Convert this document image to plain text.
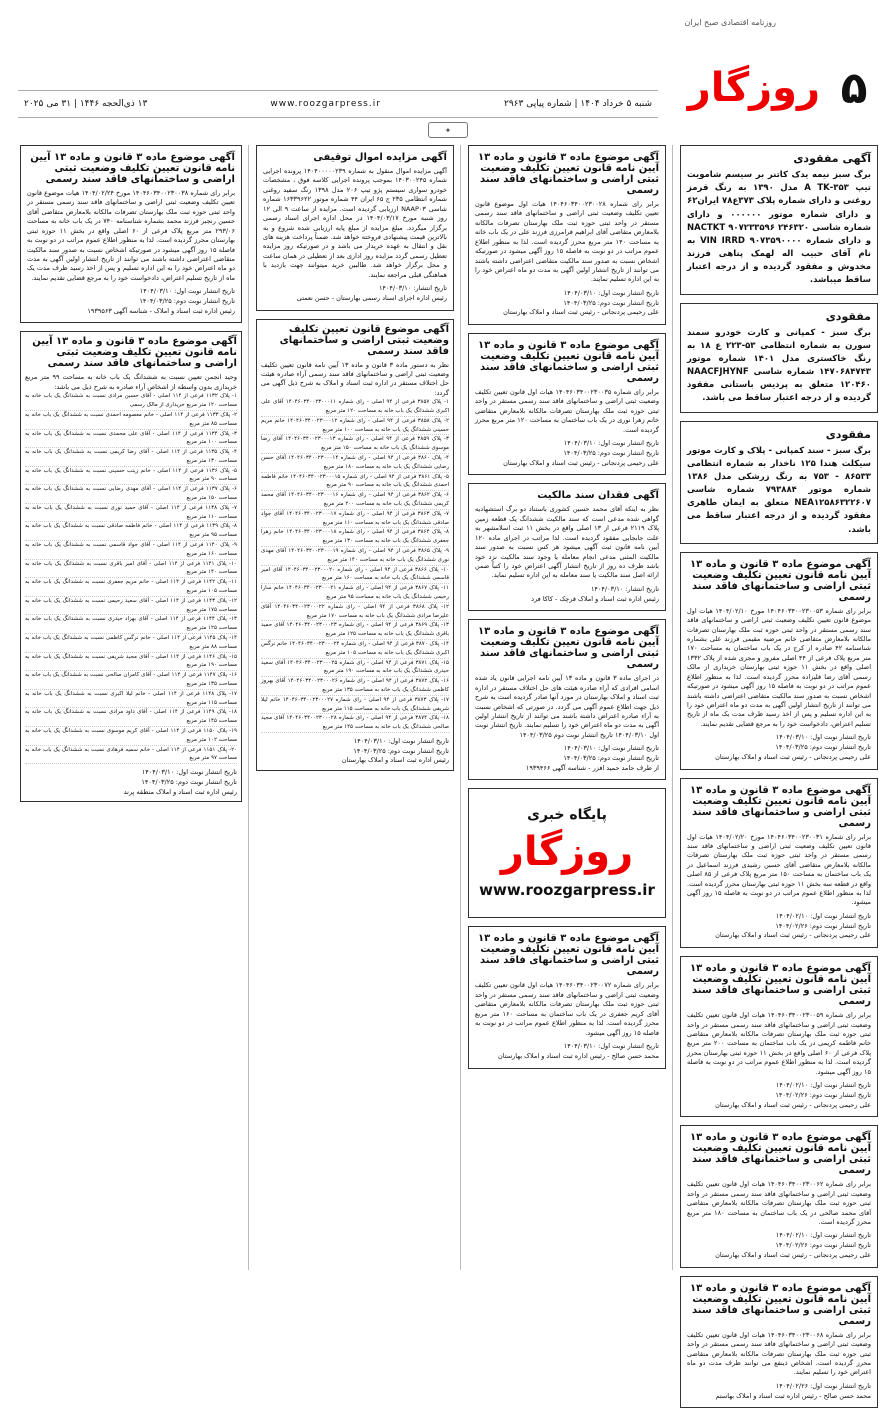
روزنامه اقتصادی صبح ایران
۵
روزگار
شنبه ۵ خرداد ۱۴۰۴ | شماره پیاپی ۲۹۶۳
www.roozgarpress.ir
۱۳ ذی‌الحجه ۱۴۴۶ | ۳۱ می ۲۰۲۵
✦
آگهی مفقودی

برگ سبز نیمه یدک کاتنر بر سیسم شامویت تیپ ۳۵۳-A TK مدل ۱۳۹۰ به رنگ قرمز روغنی و دارای شماره پلاک ۳۷۳ع۷۸ ایران۶۲ و دارای شماره موتور ۰۰۰۰۰۰ و دارای شماره شاسی NACTKT ۹۰۷۲۳۳۵۹۶ ۲۴۶۳۲۰ و دارای شماره VIN IRRD ۹۰۷۳۵۹۰۰۰۰ به نام آقای حبیب اله لهمک پناهی فرزند مخدوش و مفقود گردیده و از درجه اعتبار ساقط میباشد.

مفقودی

برگ سبز - کمپانی و کارت خودرو سمند سورن به شماره انتظامی ۵۳-۲۲۳ ع ۱۸ به رنگ خاکستری مدل ۱۴۰۱ شماره موتور ۱۴۷۰۶۸۴۷۴۳ شماره شاسی NAACFJHYNF ۱۲۰۴۶۰ متعلق به پردیس باستانی مفقود گردیده و از درجه اعتبار ساقط می باشد.

مفقودی

برگ سبز - سند کمپانی - پلاک و کارت موتور سیکلت هندا ۱۲۵ ناخدار به شماره انتظامی ۸۶۵۳۳ - ۷۵۳ به رنگ زرشکی مدل ۱۳۸۶ شماره موتور ۷۹۳۸۸۴ شماره شاسی NEA۱۲۵۸۶۳۲۲۶۰۷ متعلق به ایمان طاهری مفقود گردیده و از درجه اعتبار ساقط می باشد.

آگهی موضوع ماده ۳ قانون و ماده ۱۳ آیین نامه قانون تعیین تکلیف وضعیت ثبتی اراضی و ساختمانهای فاقد سند رسمی

برابر رای شماره ۱۴۰۴۶۰۳۴۰۰۲۳۰۰۵۳ مورخ ۱۴۰۴/۰۲/۱۰ هیات اول موضوع قانون تعیین تکلیف وضعیت ثبتی اراضی و ساختمانهای فاقد سند رسمی مستقر در واحد ثبتی حوزه ثبت ملک بهارستان تصرفات مالکانه بلامعارض متقاضی خانم مرضیه مقیمی فرزند علی بشماره شناسنامه ۴۲ صادره از کرج در یک باب ساختمان به مساحت ۱۷۰ متر مربع پلاک فرعی از ۴۴ اصلی مفروز و مجزی شده از پلاک ۱۳۳۲ اصلی واقع در بخش ۱۱ حوزه ثبتی بهارستان خریداری از مالک رسمی آقای رضا قلیزاده محرز گردیده است. لذا به منظور اطلاع عموم مراتب در دو نوبت به فاصله ۱۵ روز آگهی میشود در صورتیکه اشخاص نسبت به صدور سند مالکیت متقاضی اعتراضی داشته باشند می توانند از تاریخ انتشار اولین آگهی به مدت دو ماه اعتراض خود را به این اداره تسلیم و پس از اخذ رسید ظرف مدت یک ماه از تاریخ تسلیم اعتراض، دادخواست خود را به مرجع قضایی تقدیم نمایند.

تاریخ انتشار نوبت اول: ۱۴۰۴/۰۳/۱۰
تاریخ انتشار نوبت دوم: ۱۴۰۴/۰۳/۲۵
علی رحیمی پردنجانی - رئیس ثبت اسناد و املاک بهارستان
آگهی موضوع ماده ۳ قانون و ماده ۱۳ آیین نامه قانون تعیین تکلیف وضعیت ثبتی اراضی و ساختمانهای فاقد سند رسمی

برابر رای شماره ۱۴۰۴۶۰۳۴۰۰۲۳۰۰۳۱ مورخ ۱۴۰۴/۰۲/۲۰ هیات اول قانون تعیین تکلیف وضعیت ثبتی اراضی و ساختمانهای فاقد سند رسمی مستقر در واحد ثبتی حوزه ثبت ملک بهارستان تصرفات مالکانه بلامعارض متقاضی آقای حسین رشیدی فرزند اسماعیل در یک باب ساختمان به مساحت ۱۵۰ متر مربع پلاک فرعی از ۸۵ اصلی واقع در قطعه سه بخش ۱۱ حوزه ثبتی بهارستان محرز گردیده است. لذا به منظور اطلاع عموم مراتب در دو نوبت به فاصله ۱۵ روز آگهی میشود.

تاریخ انتشار نوبت اول: ۱۴۰۴/۰۲/۱۰
تاریخ انتشار نوبت دوم: ۱۴۰۴/۰۲/۲۶
علی رحیمی پردنجانی - رئیس ثبت اسناد و املاک بهارستان
آگهی موضوع ماده ۳ قانون و ماده ۱۳ آیین نامه قانون تعیین تکلیف وضعیت ثبتی اراضی و ساختمانهای فاقد سند رسمی

برابر رای شماره ۱۴۰۴۶۰۳۴۰۰۲۳۰۰۵۹ هیات اول قانون تعیین تکلیف وضعیت ثبتی اراضی و ساختمانهای فاقد سند رسمی مستقر در واحد ثبتی حوزه ثبت ملک بهارستان تصرفات مالکانه بلامعارض متقاضی خانم فاطمه کریمی در یک باب ساختمان به مساحت ۲۰۰ متر مربع پلاک فرعی از ۶۰ اصلی واقع در بخش ۱۱ حوزه ثبتی بهارستان محرز گردیده است. لذا به منظور اطلاع عموم مراتب در دو نوبت به فاصله ۱۵ روز آگهی میشود.

تاریخ انتشار نوبت اول: ۱۴۰۴/۰۲/۱۰
تاریخ انتشار نوبت دوم: ۱۴۰۴/۰۲/۲۶
علی رحیمی پردنجانی - رئیس ثبت اسناد و املاک بهارستان
آگهی موضوع ماده ۳ قانون و ماده ۱۳ آیین نامه قانون تعیین تکلیف وضعیت ثبتی اراضی و ساختمانهای فاقد سند رسمی

برابر رای شماره ۱۴۰۴۶۰۳۴۰۰۲۳۰۰۶۲ هیات اول قانون تعیین تکلیف وضعیت ثبتی اراضی و ساختمانهای فاقد سند رسمی مستقر در واحد ثبتی حوزه ثبت ملک بهارستان تصرفات مالکانه بلامعارض متقاضی آقای محمد صالحی در یک باب ساختمان به مساحت ۱۸۰ متر مربع محرز گردیده است.

تاریخ انتشار نوبت اول: ۱۴۰۴/۰۲/۱۰
تاریخ انتشار نوبت دوم: ۱۴۰۴/۰۲/۲۶
علی رحیمی پردنجانی - رئیس ثبت اسناد و املاک بهارستان
آگهی موضوع ماده ۳ قانون و ماده ۱۳ آیین نامه قانون تعیین تکلیف وضعیت ثبتی اراضی و ساختمانهای فاقد سند رسمی

برابر رای شماره ۱۴۰۴۶۰۳۴۰۰۲۳۰۰۶۸ هیات اول قانون تعیین تکلیف وضعیت ثبتی اراضی و ساختمانهای فاقد سند رسمی مستقر در واحد ثبتی حوزه ثبت ملک بهارستان تصرفات مالکانه بلامعارض متقاضی محرز گردیده است. اشخاص ذینفع می توانند ظرف مدت دو ماه اعتراض خود را تسلیم نمایند.

تاریخ انتشار نوبت اول: ۱۴۰۴/۰۲/۲۶
محمد حسن صالح - رئیس اداره ثبت اسناد و املاک بهاستم
آگهی موضوع ماده ۳ قانون و ماده ۱۳ آیین نامه قانون تعیین تکلیف وضعیت ثبتی اراضی و ساختمانهای فاقد سند رسمی

برابر رای شماره ۱۴۰۴۶۰۳۴۰۰۲۳۰۰۲۸ هیات اول موضوع قانون تعیین تکلیف وضعیت ثبتی اراضی و ساختمانهای فاقد سند رسمی مستقر در واحد ثبتی حوزه ثبت ملک بهارستان تصرفات مالکانه بلامعارض متقاضی آقای ابراهیم فرامرزی فرزند علی در یک باب خانه به مساحت ۱۴۰ متر مربع محرز گردیده است. لذا به منظور اطلاع عموم مراتب در دو نوبت به فاصله ۱۵ روز آگهی میشود در صورتیکه اشخاص نسبت به صدور سند مالکیت متقاضی اعتراضی داشته باشند می توانند از تاریخ انتشار اولین آگهی به مدت دو ماه اعتراض خود را به این اداره تسلیم نمایند.

تاریخ انتشار نوبت اول: ۱۴۰۴/۰۳/۱۰
تاریخ انتشار نوبت دوم: ۱۴۰۴/۰۳/۲۵
علی رحیمی پردنجانی - رئیس ثبت اسناد و املاک بهارستان
آگهی موضوع ماده ۳ قانون و ماده ۱۳ آیین نامه قانون تعیین تکلیف وضعیت ثبتی اراضی و ساختمانهای فاقد سند رسمی

برابر رای شماره ۱۴۰۴۶۰۳۴۰۰۲۳۰۰۳۵ هیات اول قانون تعیین تکلیف وضعیت ثبتی اراضی و ساختمانهای فاقد سند رسمی مستقر در واحد ثبتی حوزه ثبت ملک بهارستان تصرفات مالکانه بلامعارض متقاضی خانم زهرا نوری در یک باب ساختمان به مساحت ۱۲۰ متر مربع محرز گردیده است.

تاریخ انتشار نوبت اول: ۱۴۰۴/۰۳/۱۰
تاریخ انتشار نوبت دوم: ۱۴۰۴/۰۳/۲۵
علی رحیمی پردنجانی - رئیس ثبت اسناد و املاک بهارستان
آگهی فقدان سند مالکیت

نظر به اینکه آقای محمد حسین کشوری باستناد دو برگ استشهادیه گواهی شده مدعی است که سند مالکیت ششدانگ یک قطعه زمین پلاک ۲۱۱۹ فرعی از ۱۳ اصلی واقع در بخش ۱۱ ثبت اسلامشهر به علت جابجایی مفقود گردیده است. لذا مراتب در اجرای ماده ۱۲۰ آیین نامه قانون ثبت آگهی میشود هر کس نسبت به صدور سند مالکیت المثنی مدعی انجام معامله یا وجود سند مالکیت نزد خود باشد ظرف ده روز از تاریخ انتشار آگهی اعتراض خود را کتباً ضمن ارائه اصل سند مالکیت یا سند معامله به این اداره تسلیم نماید.

تاریخ انتشار: ۱۴۰۴/۰۳/۱۰
رئیس اداره ثبت اسناد و املاک قرچک - کاکا فرد
آگهی موضوع ماده ۳ قانون و ماده ۱۳ آیین نامه قانون تعیین تکلیف وضعیت ثبتی اراضی و ساختمانهای فاقد سند رسمی

در اجرای ماده ۳ قانون و ماده ۱۳ آیین نامه اجرایی قانون یاد شده اسامی افرادی که آراء صادره هیئت های حل اختلاف مستقر در اداره ثبت اسناد و املاک بهارستان در مورد آنها صادر گردیده است به شرح ذیل جهت اطلاع عموم آگهی می گردد. در صورتی که اشخاص نسبت به آراء صادره اعتراض داشته باشند می توانند از تاریخ انتشار اولین آگهی به مدت دو ماه اعتراض خود را تسلیم نمایند. تاریخ انتشار نوبت اول ۱۴۰۴/۰۳/۱۰ تاریخ انتشار نوبت دوم ۱۴۰۴/۰۳/۲۵

تاریخ انتشار نوبت اول: ۱۴۰۴/۰۳/۱۰
تاریخ انتشار نوبت دوم: ۱۴۰۴/۰۳/۲۵
از طرف حامد حمید افزر - شناسه آگهی ۱۹۳۹۴۶۶
پایگاه خبری
روزگار
www.roozgarpress.ir
آگهی موضوع ماده ۳ قانون و ماده ۱۳ آیین نامه قانون تعیین تکلیف وضعیت ثبتی اراضی و ساختمانهای فاقد سند رسمی

برابر رای شماره ۱۴۰۴۶۰۳۴۰۰۲۳۰۰۷۲ هیات اول قانون تعیین تکلیف وضعیت ثبتی اراضی و ساختمانهای فاقد سند رسمی مستقر در واحد ثبتی حوزه ثبت ملک بهارستان تصرفات مالکانه بلامعارض متقاضی آقای کریم جعفری در یک باب ساختمان به مساحت ۱۶۰ متر مربع محرز گردیده است. لذا به منظور اطلاع عموم مراتب در دو نوبت به فاصله ۱۵ روز آگهی میشود.

تاریخ انتشار نوبت اول: ۱۴۰۴/۰۳/۱۰
محمد حسن صالح - رئیس اداره ثبت اسناد و املاک بهارستان
آگهی مزایده اموال توقیفی

آگهی مزایده اموال منقول به شماره ۱۴۰۴۰۰۰۰۰۲۳۹ پرونده اجرایی شماره ۱۴۰۳۰۰۲۴۵ بموجب پرونده اجرایی کلاسه فوق ، مشخصات خودرو سواری سیستم پژو تیپ ۲۰۶ مدل ۱۳۹۸ رنگ سفید روغنی شماره انتظامی ۲۳۵ ج ۶۵ ایران ۴۴ شماره موتور ۱۶۳۳۹۶۲۲ شماره شاسی NAAP۰۳ ارزیابی گردیده است. مزایده از ساعت ۹ الی ۱۲ روز شنبه مورخ ۱۴۰۴/۰۳/۱۷ در محل اداره اجرای اسناد رسمی برگزار میگردد. مبلغ مزایده از مبلغ پایه ارزیابی شده شروع و به بالاترین قیمت پیشنهادی فروخته خواهد شد. ضمناً پرداخت هزینه های نقل و انتقال به عهده خریدار می باشد و در صورتیکه روز مزایده تعطیل رسمی گردد مزایده روز اداری بعد از تعطیلی در همان ساعت و محل برگزار خواهد شد. طالبین خرید میتوانند جهت بازدید با هماهنگی قبلی مراجعه نمایند.

تاریخ انتشار: ۱۴۰۴/۰۳/۱۰
رئیس اداره اجرای اسناد رسمی بهارستان - حسن نعمتی
آگهی موضوع قانون تعیین تکلیف وضعیت ثبتی اراضی و ساختمانهای فاقد سند رسمی

نظر به دستور ماده ۳ قانون و ماده ۱۳ آیین نامه قانون تعیین تکلیف وضعیت ثبتی اراضی و ساختمانهای فاقد سند رسمی آراء صادره هیئت حل اختلاف مستقر در اداره ثبت اسناد و املاک به شرح ذیل آگهی می گردد:

۱- پلاک ۳۸۵۷ فرعی از ۹۴ اصلی - رای شماره ۱۴۰۴۶۰۳۴۰۰۲۳۰۰۰۱۱ آقای علی اکبری ششدانگ یک باب خانه به مساحت ۱۲۰ متر مربع
۲- پلاک ۳۸۵۸ فرعی از ۹۴ اصلی - رای شماره ۱۴۰۴۶۰۳۴۰۰۲۳۰۰۰۱۲ خانم مریم حسینی ششدانگ یک باب خانه به مساحت ۱۰۰ متر مربع
۳- پلاک ۳۸۵۹ فرعی از ۹۴ اصلی - رای شماره ۱۴۰۴۶۰۳۴۰۰۲۳۰۰۰۱۳ آقای رضا موسوی ششدانگ یک باب خانه به مساحت ۱۵۰ متر مربع
۴- پلاک ۳۸۶۰ فرعی از ۹۴ اصلی - رای شماره ۱۴۰۴۶۰۳۴۰۰۲۳۰۰۰۱۴ آقای حسن رضایی ششدانگ یک باب خانه به مساحت ۱۸۰ متر مربع
۵- پلاک ۳۸۶۱ فرعی از ۹۴ اصلی - رای شماره ۱۴۰۴۶۰۳۴۰۰۲۳۰۰۰۱۵ خانم فاطمه احمدی ششدانگ یک باب خانه به مساحت ۹۰ متر مربع
۶- پلاک ۳۸۶۲ فرعی از ۹۴ اصلی - رای شماره ۱۴۰۴۶۰۳۴۰۰۲۳۰۰۰۱۶ آقای محمد کریمی ششدانگ یک باب خانه به مساحت ۲۰۰ متر مربع
۷- پلاک ۳۸۶۳ فرعی از ۹۴ اصلی - رای شماره ۱۴۰۴۶۰۳۴۰۰۲۳۰۰۰۱۷ آقای جواد صادقی ششدانگ یک باب خانه به مساحت ۱۱۰ متر مربع
۸- پلاک ۳۸۶۴ فرعی از ۹۴ اصلی - رای شماره ۱۴۰۴۶۰۳۴۰۰۲۳۰۰۰۱۸ خانم زهرا جعفری ششدانگ یک باب خانه به مساحت ۱۳۰ متر مربع
۹- پلاک ۳۸۶۵ فرعی از ۹۴ اصلی - رای شماره ۱۴۰۴۶۰۳۴۰۰۲۳۰۰۰۱۹ آقای مهدی نوری ششدانگ یک باب خانه به مساحت ۱۴۰ متر مربع
۱۰- پلاک ۳۸۶۶ فرعی از ۹۴ اصلی - رای شماره ۱۴۰۴۶۰۳۴۰۰۲۳۰۰۰۲۰ آقای امیر قاسمی ششدانگ یک باب خانه به مساحت ۱۶۰ متر مربع
۱۱- پلاک ۳۸۶۷ فرعی از ۹۴ اصلی - رای شماره ۱۴۰۴۶۰۳۴۰۰۲۳۰۰۰۲۱ خانم سارا رحیمی ششدانگ یک باب خانه به مساحت ۹۵ متر مربع
۱۲- پلاک ۳۸۶۸ فرعی از ۹۴ اصلی - رای شماره ۱۴۰۴۶۰۳۴۰۰۲۳۰۰۰۲۲ آقای علیرضا مرادی ششدانگ یک باب خانه به مساحت ۱۷۰ متر مربع
۱۳- پلاک ۳۸۶۹ فرعی از ۹۴ اصلی - رای شماره ۱۴۰۴۶۰۳۴۰۰۲۳۰۰۰۲۳ آقای حمید باقری ششدانگ یک باب خانه به مساحت ۱۲۵ متر مربع
۱۴- پلاک ۳۸۷۰ فرعی از ۹۴ اصلی - رای شماره ۱۴۰۴۶۰۳۴۰۰۲۳۰۰۰۲۴ خانم نرگس اکبری ششدانگ یک باب خانه به مساحت ۱۰۵ متر مربع
۱۵- پلاک ۳۸۷۱ فرعی از ۹۴ اصلی - رای شماره ۱۴۰۴۶۰۳۴۰۰۲۳۰۰۰۲۵ آقای سعید حیدری ششدانگ یک باب خانه به مساحت ۱۹۰ متر مربع
۱۶- پلاک ۳۸۷۲ فرعی از ۹۴ اصلی - رای شماره ۱۴۰۴۶۰۳۴۰۰۲۳۰۰۰۲۶ آقای بهروز کاظمی ششدانگ یک باب خانه به مساحت ۱۳۵ متر مربع
۱۷- پلاک ۳۸۷۳ فرعی از ۹۴ اصلی - رای شماره ۱۴۰۴۶۰۳۴۰۰۲۳۰۰۰۲۷ خانم لیلا شریفی ششدانگ یک باب خانه به مساحت ۱۱۵ متر مربع
۱۸- پلاک ۳۸۷۴ فرعی از ۹۴ اصلی - رای شماره ۱۴۰۴۶۰۳۴۰۰۲۳۰۰۰۲۸ آقای مجید صالحی ششدانگ یک باب خانه به مساحت ۱۴۵ متر مربع
تاریخ انتشار نوبت اول: ۱۴۰۴/۰۳/۱۰
تاریخ انتشار نوبت دوم: ۱۴۰۴/۰۳/۲۵
رئیس اداره ثبت اسناد و املاک بهارستان
آگهی موضوع ماده ۳ قانون و ماده ۱۳ آیین نامه قانون تعیین تکلیف وضعیت ثبتی اراضی و ساختمانهای فاقد سند رسمی

برابر رای شماره ۱۴۰۴۶۰۳۴۰۰۲۳۰۰۳۸ مورخ ۱۴۰۴/۰۲/۲۴ هیات موضوع قانون تعیین تکلیف وضعیت ثبتی اراضی و ساختمانهای فاقد سند رسمی مستقر در واحد ثبتی حوزه ثبت ملک بهارستان تصرفات مالکانه بلامعارض متقاضی آقای حسین رنجبر فرزند محمد بشماره شناسنامه ۷۴۰ در یک باب خانه به مساحت ۲۹۳/۰۶ متر مربع پلاک فرعی از ۶۰ اصلی واقع در بخش ۱۱ حوزه ثبتی بهارستان محرز گردیده است. لذا به منظور اطلاع عموم مراتب در دو نوبت به فاصله ۱۵ روز آگهی میشود در صورتیکه اشخاص نسبت به صدور سند مالکیت متقاضی اعتراضی داشته باشند می توانند از تاریخ انتشار اولین آگهی به مدت دو ماه اعتراض خود را به این اداره تسلیم و پس از اخذ رسید ظرف مدت یک ماه از تاریخ تسلیم اعتراض، دادخواست خود را به مرجع قضایی تقدیم نمایند.

تاریخ انتشار نوبت اول: ۱۴۰۴/۰۳/۱۰
تاریخ انتشار نوبت دوم: ۱۴۰۴/۰۳/۲۵
رئیس اداره ثبت اسناد و املاک - شناسه آگهی ۱۹۳۹۵۶۳
آگهی موضوع ماده ۳ قانون و ماده ۱۳ آیین نامه قانون تعیین تکلیف وضعیت ثبتی اراضی و ساختمانهای فاقد سند رسمی

وحید انجمن تعیین نسبت به ششدانگ یک باب خانه به مساحت ۹۹ متر مربع خریداری بدون واسطه از اشخاص آراء صادره به شرح ذیل می باشد:

۱- پلاک ۱۱۳۲ فرعی از ۱۱۴ اصلی - آقای حسین مرادی نسبت به ششدانگ یک باب خانه به مساحت ۱۲۰ متر مربع خریداری از مالک رسمی
۲- پلاک ۱۱۳۳ فرعی از ۱۱۴ اصلی - خانم معصومه احمدی نسبت به ششدانگ یک باب خانه به مساحت ۸۵ متر مربع
۳- پلاک ۱۱۳۴ فرعی از ۱۱۴ اصلی - آقای علی محمدی نسبت به ششدانگ یک باب خانه به مساحت ۱۰۰ متر مربع
۴- پلاک ۱۱۳۵ فرعی از ۱۱۴ اصلی - آقای رضا کریمی نسبت به ششدانگ یک باب خانه به مساحت ۱۳۰ متر مربع
۵- پلاک ۱۱۳۶ فرعی از ۱۱۴ اصلی - خانم زینب حسینی نسبت به ششدانگ یک باب خانه به مساحت ۹۰ متر مربع
۶- پلاک ۱۱۳۷ فرعی از ۱۱۴ اصلی - آقای مهدی رضایی نسبت به ششدانگ یک باب خانه به مساحت ۱۵۰ متر مربع
۷- پلاک ۱۱۳۸ فرعی از ۱۱۴ اصلی - آقای حمید نوری نسبت به ششدانگ یک باب خانه به مساحت ۱۱۰ متر مربع
۸- پلاک ۱۱۳۹ فرعی از ۱۱۴ اصلی - خانم فاطمه صادقی نسبت به ششدانگ یک باب خانه به مساحت ۹۵ متر مربع
۹- پلاک ۱۱۴۰ فرعی از ۱۱۴ اصلی - آقای جواد قاسمی نسبت به ششدانگ یک باب خانه به مساحت ۱۶۰ متر مربع
۱۰- پلاک ۱۱۴۱ فرعی از ۱۱۴ اصلی - آقای امیر باقری نسبت به ششدانگ یک باب خانه به مساحت ۱۴۰ متر مربع
۱۱- پلاک ۱۱۴۲ فرعی از ۱۱۴ اصلی - خانم مریم جعفری نسبت به ششدانگ یک باب خانه به مساحت ۱۰۵ متر مربع
۱۲- پلاک ۱۱۴۳ فرعی از ۱۱۴ اصلی - آقای سعید رحیمی نسبت به ششدانگ یک باب خانه به مساحت ۱۷۵ متر مربع
۱۳- پلاک ۱۱۴۴ فرعی از ۱۱۴ اصلی - آقای بهزاد حیدری نسبت به ششدانگ یک باب خانه به مساحت ۱۲۵ متر مربع
۱۴- پلاک ۱۱۴۵ فرعی از ۱۱۴ اصلی - خانم نرگس کاظمی نسبت به ششدانگ یک باب خانه به مساحت ۸۸ متر مربع
۱۵- پلاک ۱۱۴۶ فرعی از ۱۱۴ اصلی - آقای مجید شریفی نسبت به ششدانگ یک باب خانه به مساحت ۱۹۰ متر مربع
۱۶- پلاک ۱۱۴۷ فرعی از ۱۱۴ اصلی - آقای کامران صالحی نسبت به ششدانگ یک باب خانه به مساحت ۱۳۵ متر مربع
۱۷- پلاک ۱۱۴۸ فرعی از ۱۱۴ اصلی - خانم لیلا اکبری نسبت به ششدانگ یک باب خانه به مساحت ۱۱۵ متر مربع
۱۸- پلاک ۱۱۴۹ فرعی از ۱۱۴ اصلی - آقای داود مرادی نسبت به ششدانگ یک باب خانه به مساحت ۱۴۵ متر مربع
۱۹- پلاک ۱۱۵۰ فرعی از ۱۱۴ اصلی - آقای کریم موسوی نسبت به ششدانگ یک باب خانه به مساحت ۱۰۲ متر مربع
۲۰- پلاک ۱۱۵۱ فرعی از ۱۱۴ اصلی - خانم سمیه فرهادی نسبت به ششدانگ یک باب خانه به مساحت ۹۷ متر مربع
تاریخ انتشار نوبت اول: ۱۴۰۴/۰۳/۱۰
تاریخ انتشار نوبت دوم: ۱۴۰۴/۰۳/۲۵
رئیس اداره ثبت اسناد و املاک منطقه پرند
